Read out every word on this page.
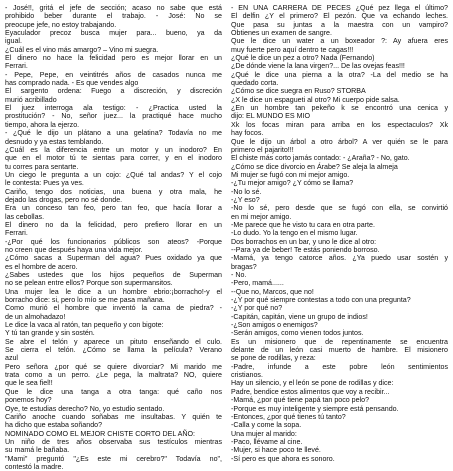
- José!!, gritá el jefe de sección; acaso no sabe que está
prohibido beber durante el trabajo. - José: No se
preocupe jefe, no estoy trabajando.
Eyaculador precoz busca mujer para... bueno, ya da
igual.
¿Cuál es el vino más amargo? – Vino mi suegra.
El dinero no hace la felicidad pero es mejor llorar en un
Ferrari.
- Pepe, Pepe, en veintitrés años de casados nunca me
has comprado nada. - Es que vendes algo
El sargento ordena: Fuego a discreción, y discreción
murió acribillado
El juez interroga ala testigo: - ¿Practica usted la
prostitución? - No, señor juez... la practiqué hace mucho
tiempo, ahora la ejerzo.
- ¿Qué le dijo un plátano a una gelatina? Todavía no me
desnudo y ya estas temblando.
¿Cuál es la diferencia entre un motor y un inodoro? En
que en el motor tú te sientas para correr, y en el inodoro
tu corres para sentarte.
Un ciego le pregunta a un cojo: ¿Qué tal andas? Y el cojo
le contesta: Pues ya ves.
Cariño, tengo dos noticias, una buena y otra mala, he
dejado las drogas, pero no sé donde.
Era un conceso tan feo, pero tan feo, que hacía llorar a
las cebollas.
El dinero no da la felicidad, pero prefiero llorar en un
Ferrari.
-¿Por qué los funcionarios públicos son ateos? -Porque
no creen que después haya una vida mejor.
¿Cómo sacas a Superman del agua? Pues oxidado ya que
es el hombre de acero.
¿Sabes ustedes que los hijos pequeños de Superman
no se pelean entre ellos? Porque son supermansitos.
Una mujer lea le dice a un hombre ebrio:¡borracho!-y el
borracho dice: si, pero lo mío se me pasa mañana.
Como murió el hombre que inventó la cama de piedra? -
de un almohadazo!
Le dice la vaca al ratón, tan pequeño y con bigote:
Y tú tan grande y sin sostén.
Se abre el telón y aparece un pituto enseñando el culo.
Se cierra el telón. ¿Cómo se llama la película? Verano
azul
Pero señora ¿por qué se quiere divorciar? Mi marido me
trata como a un perro. ¿Le pega, la maltrata? NO, quiere
que le sea fiel!!
Que le dice una tanga a otra tanga: qué caño nos
ponemos hoy?
Oye, te estudias derecho? No, yo estudio sentado.
Cariño anoche cuando soñabas me insultabas. Y quién te
ha dicho que estaba soñando?
NOMINADO COMO EL MEJOR CHISTE CORTO DEL AÑO:
Un niño de tres años observaba sus testículos mientras
su mamá le bañaba.
"Mami" preguntó "¿Es este mi cerebro?" Todavía no",
contestó la madre.
- EN UNA CARRERA DE PECES ¿Qué pez llega el último?
El delfin ¿Y el primero? El pezón. Que va echando leches.
Que pasa su juntas a la maestra con un vampiro?
Obtienes un examen de sangre.
Que le dice un water a un boxeador ?: Ay afuera eres
muy fuerte pero aquí dentro te cagas!!!
¿Qué le dice un pez a otro? Nada (Fernando)
¿De dónde viene la lana virgen?... De las ovejas feas!!!
¿Qué le dice una pierna a la otra? -La del medio se ha
quedado corta.
¿Cómo se dice suegra en Ruso? STORBA
¿X le dice un espagueti al otro? Mi cuerpo pide salsa.
¿En un hombre tan pekeño k se encontró una cenica y
dijo: EL MUNDO ES MIO
Xk los focas miran para arriba en los espectaculos? Xk
hay focos.
Que le dijo un árbol a otro árbol? A ver quién se le para
primero el pajarito!!!
El chiste más corto jamás contado: - ¿Araña? - No, gato.
¿Cómo se dice divorcio en Árabe? Se aleja la almeja
Mi mujer se fugó con mi mejor amigo.
-¿Tu mejor amigo? ¿Y cómo se llama?
-No lo sé.
-¿Y eso?
-No lo sé, pero desde que se fugó con ella, se convirtió
en mi mejor amigo.
-Me parece que he visto tu cara en otra parte.
-Lo dudo. Yo la tengo en el mismo lugar.
Dos borrachos en un bar, y uno le dice al otro:
--Para ya de beber! Te estás poniendo borroso.
-Mamá, ya tengo catorce años. ¿Ya puedo usar sostén y
bragas?
- No.
-Pero, mamá......
--Que no, Marcos, que no!
-¿Y por qué siempre contestas a todo con una pregunta?
-¿Y por qué no?
-Capitán, capitán, viene un grupo de indios!
-¿Son amigos o enemigos?
-Serán amigos, como vienen todos juntos.
Es un misionero que de repentinamente se encuentra
delante de un león casi muerto de hambre. El misionero
se pone de rodillas, y reza:
-Padre, infunde a este pobre león sentimientos
cristianos.
Hay un silencio, y el león se pone de rodillas y dice:
Padre, bendice estos alimentos que voy a recibir...
-Mamá, ¿por qué tiene papá tan poco pelo?
-Porque es muy inteligente y siempre está pensando.
-Entonces, ¿por qué tienes tú tanto?
-Calla y come la sopa.
Una mujer al marido:
-Paco, llévame al cine.
-Mujer, si hace poco te llevé.
-Sí pero es que ahora es sonoro.
